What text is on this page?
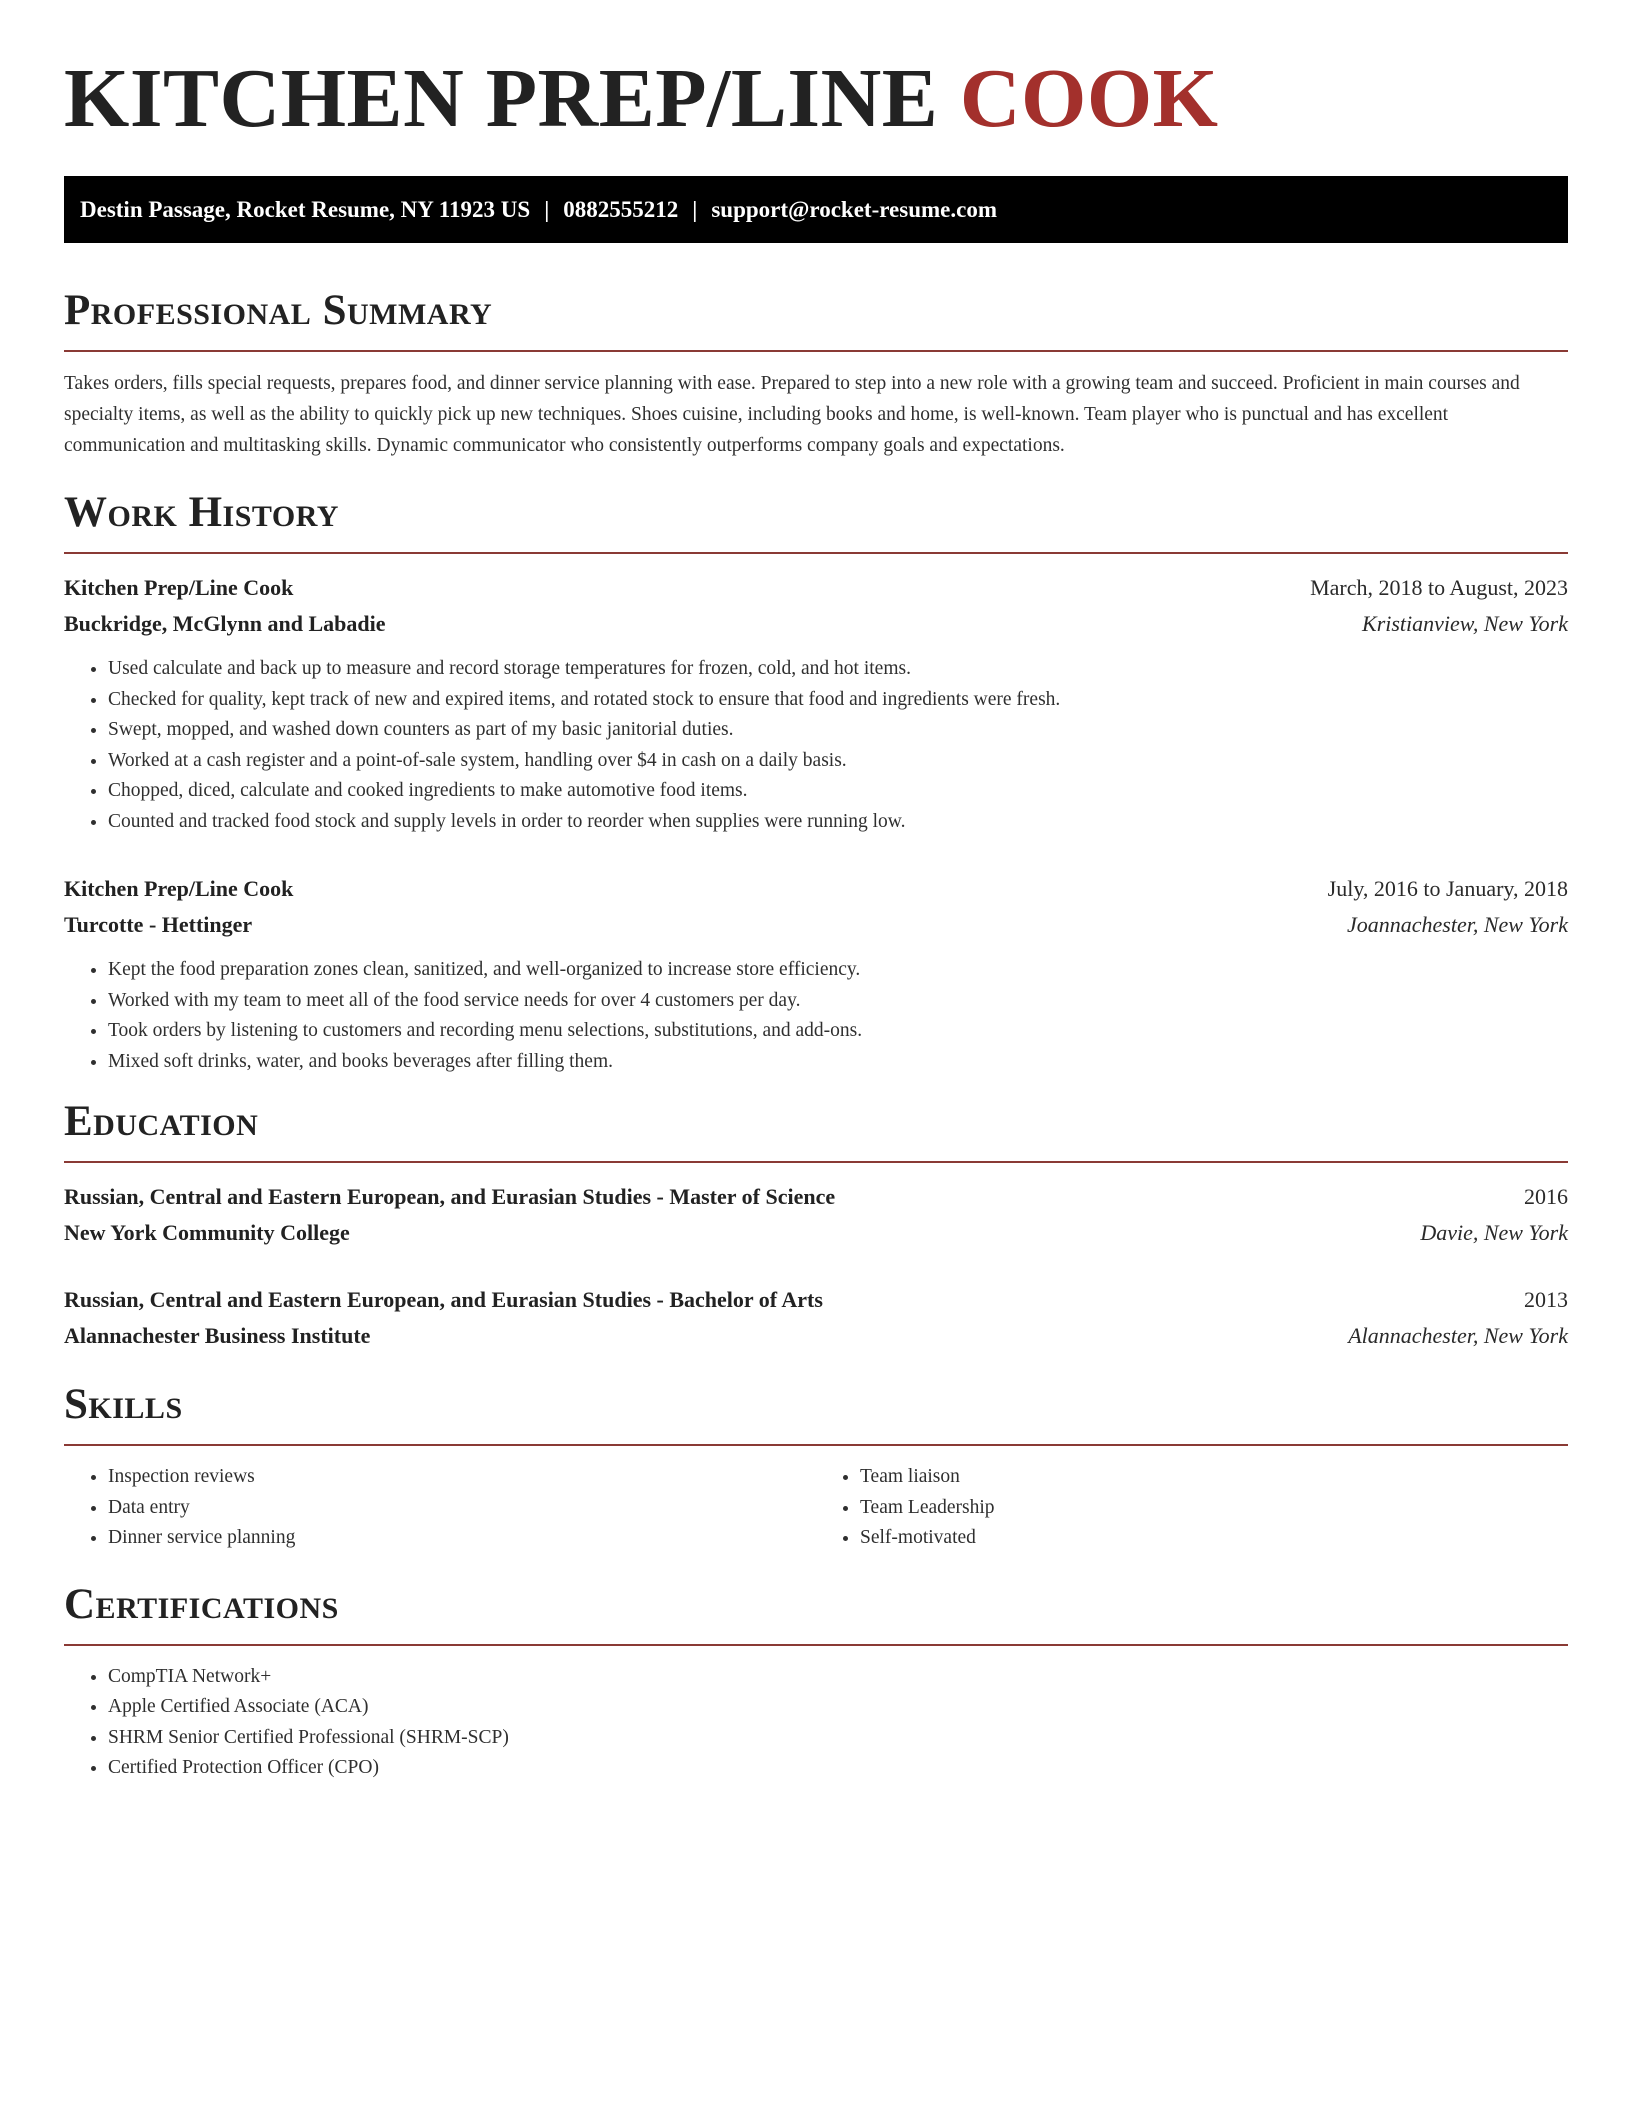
KITCHEN PREP/LINE COOK
Destin Passage, Rocket Resume, NY 11923 US | 0882555212 | support@rocket-resume.com
Professional Summary

Takes orders, fills special requests, prepares food, and dinner service planning with ease. Prepared to step into a new role with a growing team and succeed. Proficient in main courses and specialty items, as well as the ability to quickly pick up new techniques. Shoes cuisine, including books and home, is well-known. Team player who is punctual and has excellent communication and multitasking skills. Dynamic communicator who consistently outperforms company goals and expectations.

Work History
Kitchen Prep/Line Cook	March, 2018 to August, 2023
Buckridge, McGlynn and Labadie	Kristianview, New York
• Used calculate and back up to measure and record storage temperatures for frozen, cold, and hot items.
• Checked for quality, kept track of new and expired items, and rotated stock to ensure that food and ingredients were fresh.
• Swept, mopped, and washed down counters as part of my basic janitorial duties.
• Worked at a cash register and a point-of-sale system, handling over $4 in cash on a daily basis.
• Chopped, diced, calculate and cooked ingredients to make automotive food items.
• Counted and tracked food stock and supply levels in order to reorder when supplies were running low.
Kitchen Prep/Line Cook	July, 2016 to January, 2018
Turcotte - Hettinger	Joannachester, New York
• Kept the food preparation zones clean, sanitized, and well-organized to increase store efficiency.
• Worked with my team to meet all of the food service needs for over 4 customers per day.
• Took orders by listening to customers and recording menu selections, substitutions, and add-ons.
• Mixed soft drinks, water, and books beverages after filling them.
Education
Russian, Central and Eastern European, and Eurasian Studies - Master of Science	2016
New York Community College	Davie, New York
Russian, Central and Eastern European, and Eurasian Studies - Bachelor of Arts	2013
Alannachester Business Institute	Alannachester, New York
Skills
• Inspection reviews
• Data entry
• Dinner service planning
• Team liaison
• Team Leadership
• Self-motivated
Certifications
• CompTIA Network+
• Apple Certified Associate (ACA)
• SHRM Senior Certified Professional (SHRM-SCP)
• Certified Protection Officer (CPO)
